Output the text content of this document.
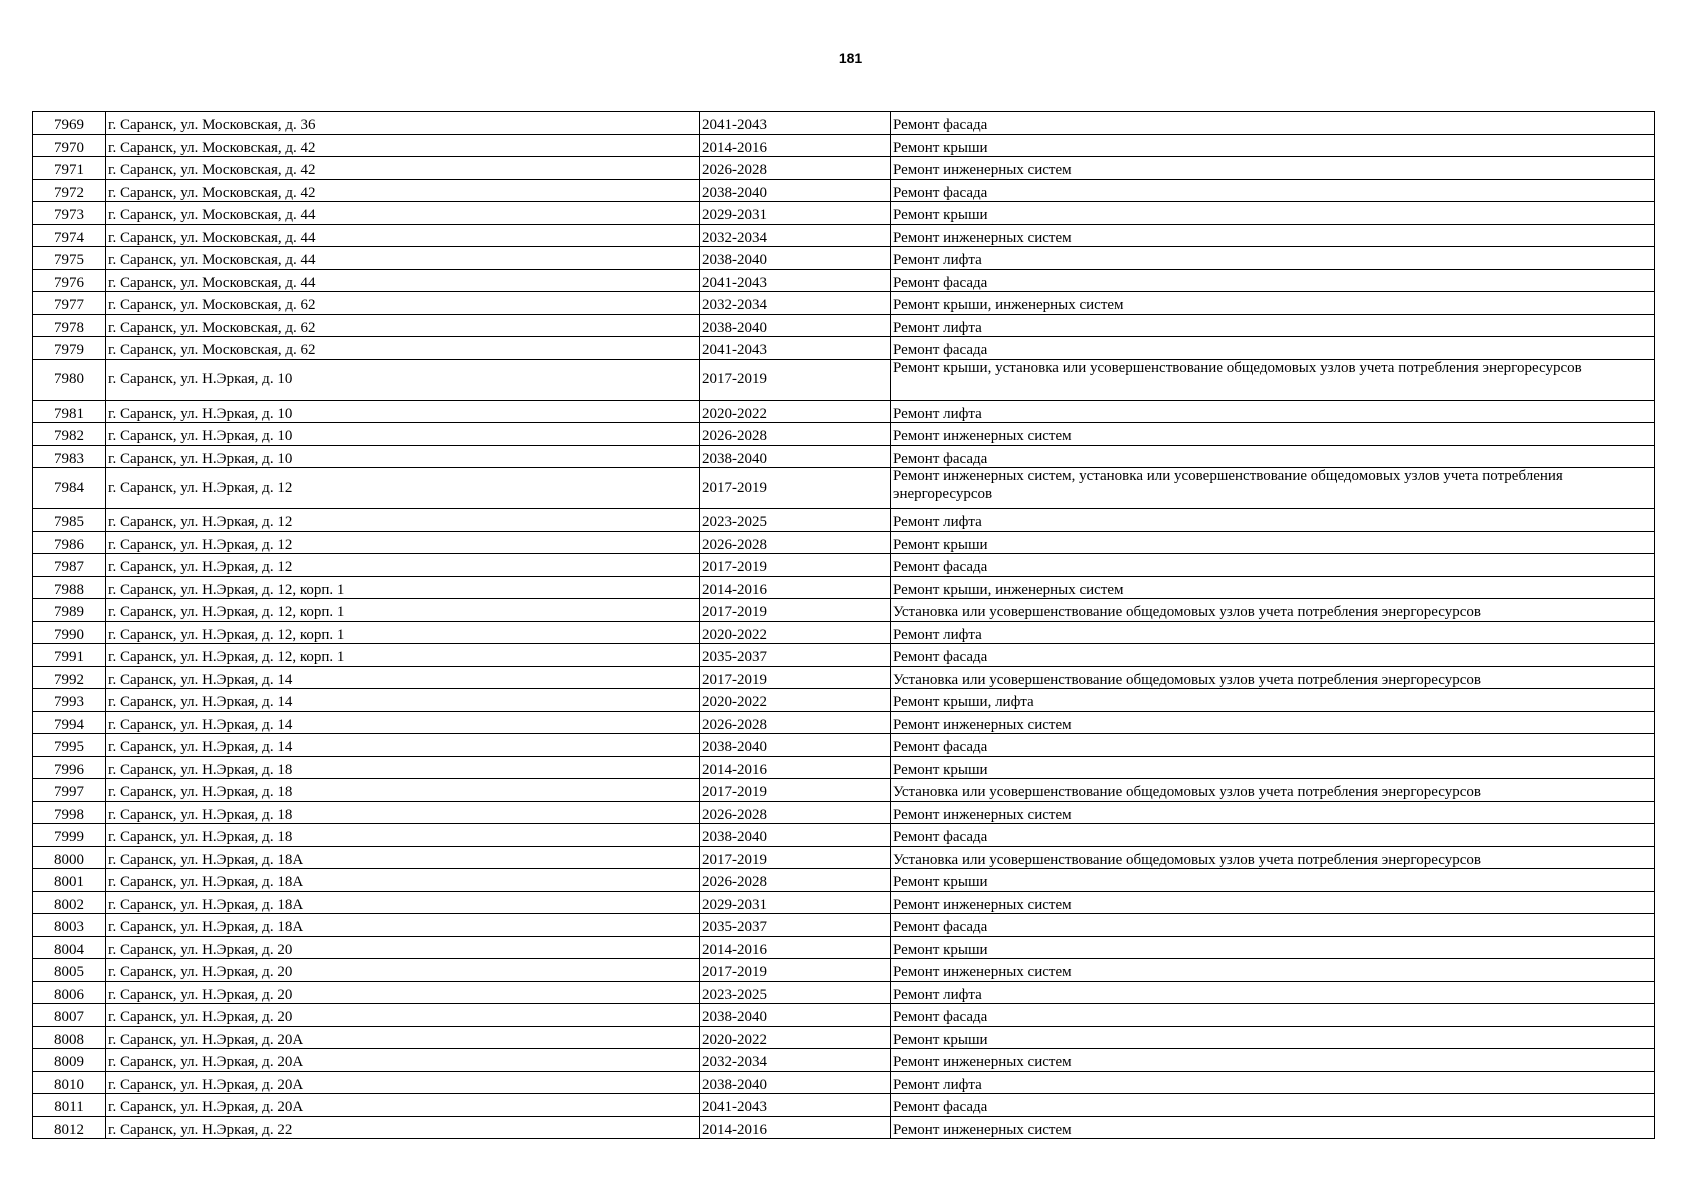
181
7969	г. Саранск, ул. Московская, д. 36	2041-2043	Ремонт фасада
7970	г. Саранск, ул. Московская, д. 42	2014-2016	Ремонт крыши
7971	г. Саранск, ул. Московская, д. 42	2026-2028	Ремонт инженерных систем
7972	г. Саранск, ул. Московская, д. 42	2038-2040	Ремонт фасада
7973	г. Саранск, ул. Московская, д. 44	2029-2031	Ремонт крыши
7974	г. Саранск, ул. Московская, д. 44	2032-2034	Ремонт инженерных систем
7975	г. Саранск, ул. Московская, д. 44	2038-2040	Ремонт лифта
7976	г. Саранск, ул. Московская, д. 44	2041-2043	Ремонт фасада
7977	г. Саранск, ул. Московская, д. 62	2032-2034	Ремонт крыши, инженерных систем
7978	г. Саранск, ул. Московская, д. 62	2038-2040	Ремонт лифта
7979	г. Саранск, ул. Московская, д. 62	2041-2043	Ремонт фасада
7980	г. Саранск, ул. Н.Эркая, д. 10	2017-2019	Ремонт крыши, установка или усовершенствование общедомовых узлов учета потребления энергоресурсов
7981	г. Саранск, ул. Н.Эркая, д. 10	2020-2022	Ремонт лифта
7982	г. Саранск, ул. Н.Эркая, д. 10	2026-2028	Ремонт инженерных систем
7983	г. Саранск, ул. Н.Эркая, д. 10	2038-2040	Ремонт фасада
7984	г. Саранск, ул. Н.Эркая, д. 12	2017-2019	Ремонт инженерных систем, установка или усовершенствование общедомовых узлов учета потребления энергоресурсов
7985	г. Саранск, ул. Н.Эркая, д. 12	2023-2025	Ремонт лифта
7986	г. Саранск, ул. Н.Эркая, д. 12	2026-2028	Ремонт крыши
7987	г. Саранск, ул. Н.Эркая, д. 12	2017-2019	Ремонт фасада
7988	г. Саранск, ул. Н.Эркая, д. 12, корп. 1	2014-2016	Ремонт крыши, инженерных систем
7989	г. Саранск, ул. Н.Эркая, д. 12, корп. 1	2017-2019	Установка или усовершенствование общедомовых узлов учета потребления энергоресурсов
7990	г. Саранск, ул. Н.Эркая, д. 12, корп. 1	2020-2022	Ремонт лифта
7991	г. Саранск, ул. Н.Эркая, д. 12, корп. 1	2035-2037	Ремонт фасада
7992	г. Саранск, ул. Н.Эркая, д. 14	2017-2019	Установка или усовершенствование общедомовых узлов учета потребления энергоресурсов
7993	г. Саранск, ул. Н.Эркая, д. 14	2020-2022	Ремонт крыши, лифта
7994	г. Саранск, ул. Н.Эркая, д. 14	2026-2028	Ремонт инженерных систем
7995	г. Саранск, ул. Н.Эркая, д. 14	2038-2040	Ремонт фасада
7996	г. Саранск, ул. Н.Эркая, д. 18	2014-2016	Ремонт крыши
7997	г. Саранск, ул. Н.Эркая, д. 18	2017-2019	Установка или усовершенствование общедомовых узлов учета потребления энергоресурсов
7998	г. Саранск, ул. Н.Эркая, д. 18	2026-2028	Ремонт инженерных систем
7999	г. Саранск, ул. Н.Эркая, д. 18	2038-2040	Ремонт фасада
8000	г. Саранск, ул. Н.Эркая, д. 18А	2017-2019	Установка или усовершенствование общедомовых узлов учета потребления энергоресурсов
8001	г. Саранск, ул. Н.Эркая, д. 18А	2026-2028	Ремонт крыши
8002	г. Саранск, ул. Н.Эркая, д. 18А	2029-2031	Ремонт инженерных систем
8003	г. Саранск, ул. Н.Эркая, д. 18А	2035-2037	Ремонт фасада
8004	г. Саранск, ул. Н.Эркая, д. 20	2014-2016	Ремонт крыши
8005	г. Саранск, ул. Н.Эркая, д. 20	2017-2019	Ремонт инженерных систем
8006	г. Саранск, ул. Н.Эркая, д. 20	2023-2025	Ремонт лифта
8007	г. Саранск, ул. Н.Эркая, д. 20	2038-2040	Ремонт фасада
8008	г. Саранск, ул. Н.Эркая, д. 20А	2020-2022	Ремонт крыши
8009	г. Саранск, ул. Н.Эркая, д. 20А	2032-2034	Ремонт инженерных систем
8010	г. Саранск, ул. Н.Эркая, д. 20А	2038-2040	Ремонт лифта
8011	г. Саранск, ул. Н.Эркая, д. 20А	2041-2043	Ремонт фасада
8012	г. Саранск, ул. Н.Эркая, д. 22	2014-2016	Ремонт инженерных систем
